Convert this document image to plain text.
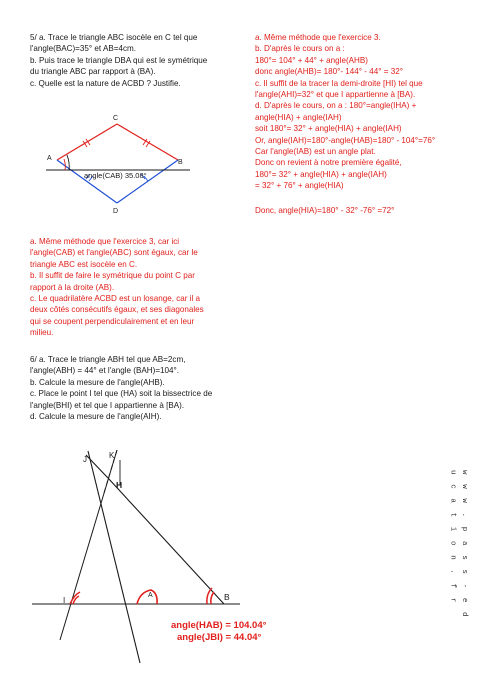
5/ a. Trace le triangle ABC isocèle en C tel que
l'angle(BAC)=35° et AB=4cm.
b. Puis trace le triangle DBA qui est le symétrique
du triangle ABC par rapport à (BA).
c. Quelle est la nature de ACBD ? Justifie.
a. Même méthode que l'exercice 3.
b. D'après le cours on a :
180°= 104° + 44° + angle(AHB)
donc angle(AHB)= 180°- 144° - 44° = 32°
c. Il suffit de la tracer la demi-droite [HI) tel que
l'angle(AHI)=32° et que I appartienne à [BA).
d. D'après le cours, on a : 180°=angle(IHA) +
angle(HIA) + angle(IAH)
soit 180°= 32° + angle(HIA) + angle(IAH)
Or, angle(IAH)=180°-angle(HAB)=180° - 104°=76°
Car l'angle(IAB) est un angle plat.
Donc on revient à notre première égalité,
180°= 32° + angle(HIA) + angle(IAH)
= 32° + 76° + angle(HIA)
Donc, angle(HIA)=180° - 32° -76° =72°
a. Même méthode que l'exercice 3, car ici
l'angle(CAB) et l'angle(ABC) sont égaux, car le
triangle ABC est isocèle en C.
b. Il suffit de faire le symétrique du point C par
rapport à la droite (AB).
c. Le quadrilatère ACBD est un losange, car il a
deux côtés consécutifs égaux, et ses diagonales
qui se coupent perpendiculairement et en leur
milieu.
6/ a. Trace le triangle ABH tel que AB=2cm,
l'angle(ABH) = 44° et l'angle (BAH)=104°.
b. Calcule la mesure de l'angle(AHB).
c. Place le point I tel que (HA) soit la bissectrice de
l'angle(BHI) et tel que I appartienne à [BA).
d. Calcule la mesure de l'angle(AIH).
C
A
B
D
angle(CAB) 35.08°
J	K
H
I
A	B
angle(HAB) = 104.04°
angle(JBI) = 44.04°
w w w . p a s s - e d u c a t i o n . f r
